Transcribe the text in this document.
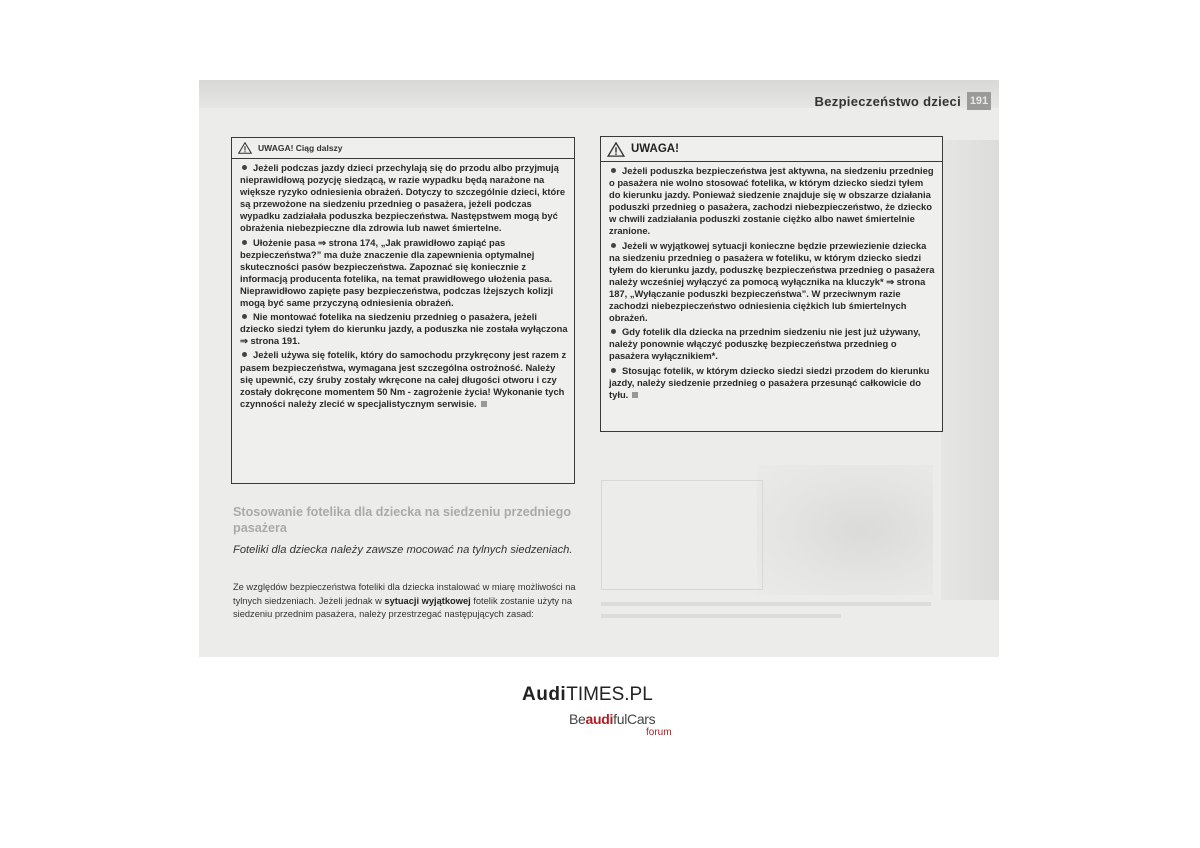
Bezpieczeństwo dzieci 191
UWAGA! Ciąg dalszy
Jeżeli podczas jazdy dzieci przechylają się do przodu albo przyjmują nieprawidłową pozycję siedzącą, w razie wypadku będą narażone na większe ryzyko odniesienia obrażeń. Dotyczy to szczególnie dzieci, które są przewożone na siedzeniu przednieg o pasażera, jeżeli podczas wypadku zadziałała poduszka bezpieczeństwa. Następstwem mogą być obrażenia niebezpieczne dla zdrowia lub nawet śmiertelne.
Ułożenie pasa ⇒ strona 174, „Jak prawidłowo zapiąć pas bezpieczeństwa?” ma duże znaczenie dla zapewnienia optymalnej skuteczności pasów bezpieczeństwa. Zapoznać się koniecznie z informacją producenta fotelika, na temat prawidłowego ułożenia pasa. Nieprawidłowo zapięte pasy bezpieczeństwa, podczas lżejszych kolizji mogą być same przyczyną odniesienia obrażeń.
Nie montować fotelika na siedzeniu przednieg o pasażera, jeżeli dziecko siedzi tyłem do kierunku jazdy, a poduszka nie została wyłączona ⇒ strona 191.
Jeżeli używa się fotelik, który do samochodu przykręcony jest razem z pasem bezpieczeństwa, wymagana jest szczególna ostrożność. Należy się upewnić, czy śruby zostały wkręcone na całej długości otworu i czy zostały dokręcone momentem 50 Nm - zagrożenie życia! Wykonanie tych czynności należy zlecić w specjalistycznym serwisie.
UWAGA!
Jeżeli poduszka bezpieczeństwa jest aktywna, na siedzeniu przednieg o pasażera nie wolno stosować fotelika, w którym dziecko siedzi tyłem do kierunku jazdy. Ponieważ siedzenie znajduje się w obszarze działania poduszki przednieg o pasażera, zachodzi niebezpieczeństwo, że dziecko w chwili zadziałania poduszki zostanie ciężko albo nawet śmiertelnie zranione.
Jeżeli w wyjątkowej sytuacji konieczne będzie przewiezienie dziecka na siedzeniu przednieg o pasażera w foteliku, w którym dziecko siedzi tyłem do kierunku jazdy, poduszkę bezpieczeństwa przednieg o pasażera należy wcześniej wyłączyć za pomocą wyłącznika na kluczyk* ⇒ strona 187, „Wyłączanie poduszki bezpieczeństwa”. W przeciwnym razie zachodzi niebezpieczeństwo odniesienia ciężkich lub śmiertelnych obrażeń.
Gdy fotelik dla dziecka na przednim siedzeniu nie jest już używany, należy ponownie włączyć poduszkę bezpieczeństwa przednieg o pasażera wyłącznikiem*.
Stosując fotelik, w którym dziecko siedzi siedzi przodem do kierunku jazdy, należy siedzenie przednieg o pasażera przesunąć całkowicie do tyłu.
Stosowanie fotelika dla dziecka na siedzeniu przedniego pasażera
Foteliki dla dziecka należy zawsze mocować na tylnych siedzeniach.
Ze względów bezpieczeństwa foteliki dla dziecka instalować w miarę możliwości na tylnych siedzeniach. Jeżeli jednak w sytuacji wyjątkowej fotelik zostanie użyty na siedzeniu przednim pasażera, należy przestrzegać następujących zasad:
AudiTIMES.PL
BeaudifulCars
forum
